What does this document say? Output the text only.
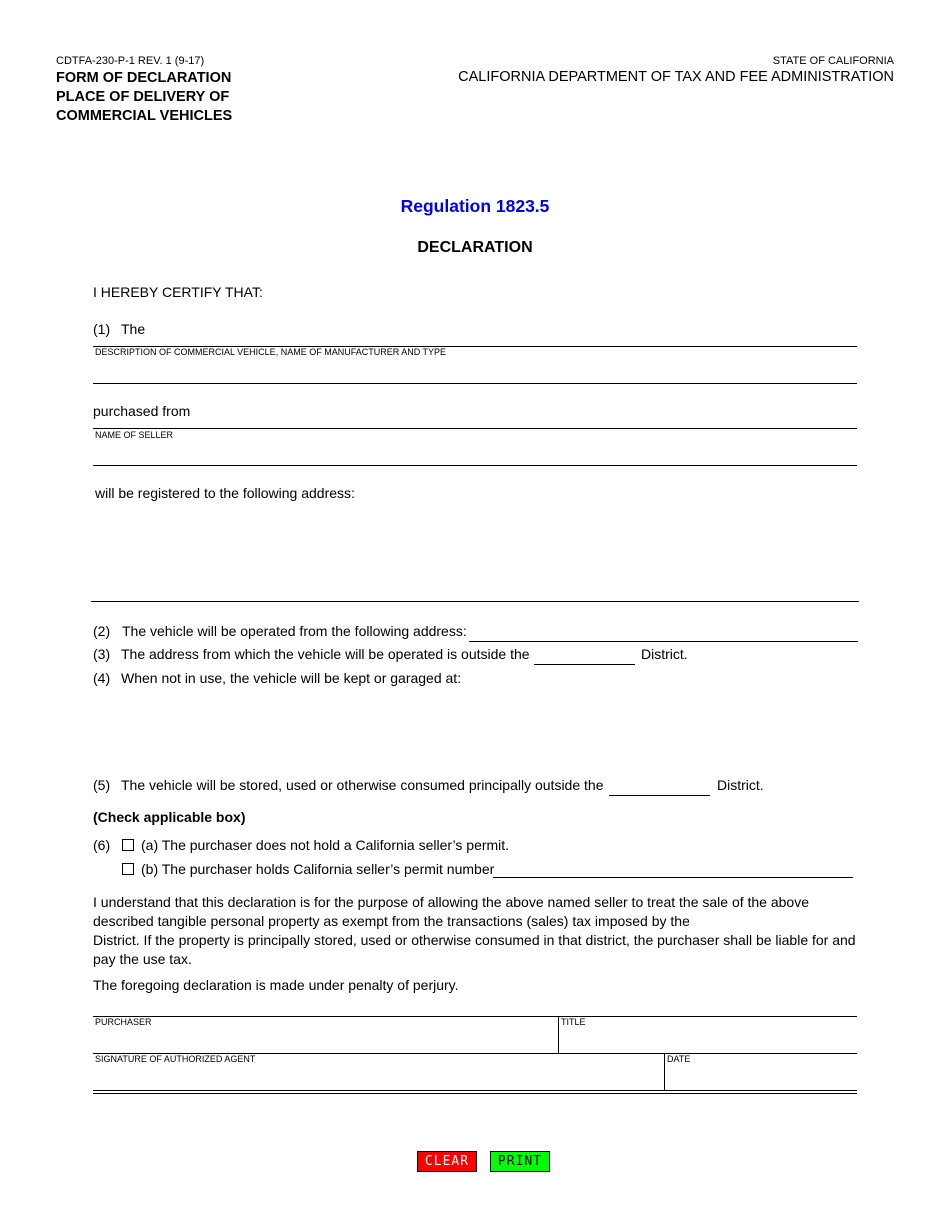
CDTFA-230-P-1 REV. 1 (9-17)
FORM OF DECLARATION
PLACE OF DELIVERY OF
COMMERCIAL VEHICLES
STATE OF CALIFORNIA
CALIFORNIA DEPARTMENT OF TAX AND FEE ADMINISTRATION
Regulation 1823.5
DECLARATION
I HEREBY CERTIFY THAT:
(1) The
DESCRIPTION OF COMMERCIAL VEHICLE, NAME OF MANUFACTURER AND TYPE
purchased from
NAME OF SELLER
will be registered to the following address:
(2) The vehicle will be operated from the following address:
(3) The address from which the vehicle will be operated is outside the	District.
(4) When not in use, the vehicle will be kept or garaged at:
(5) The vehicle will be stored, used or otherwise consumed principally outside the	District.
(Check applicable box)
(6) (a) The purchaser does not hold a California seller’s permit.
(b) The purchaser holds California seller’s permit number
I understand that this declaration is for the purpose of allowing the above named seller to treat the sale of the above
described tangible personal property as exempt from the transactions (sales) tax imposed by the
District. If the property is principally stored, used or otherwise consumed in that district, the purchaser shall be liable for and
pay the use tax.
The foregoing declaration is made under penalty of perjury.
PURCHASER	TITLE
SIGNATURE OF AUTHORIZED AGENT	DATE
CLEAR	PRINT
